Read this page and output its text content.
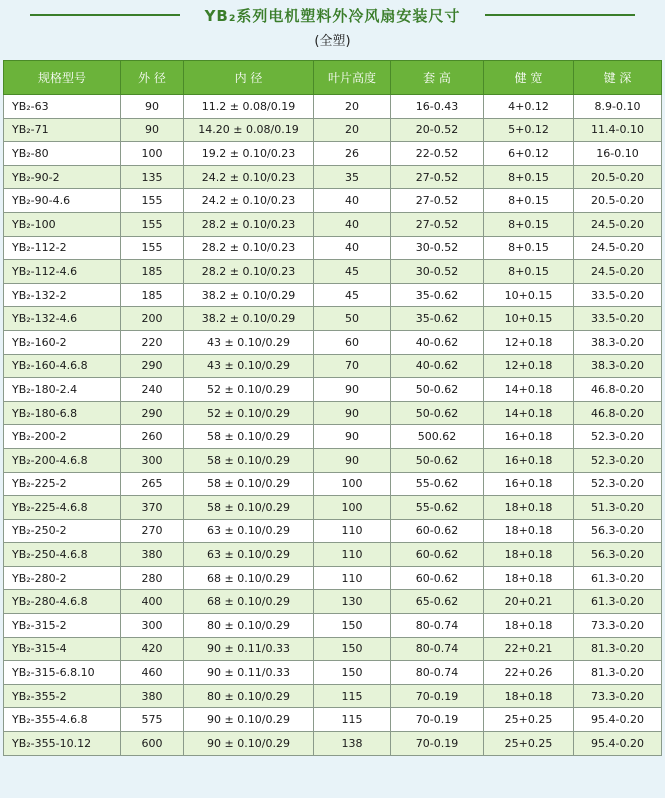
YB₂系列电机塑料外冷风扇安装尺寸
(全塑)
规格型号	外 径	内 径	叶片高度	套 高	健 宽	键 深
YB₂-63	90	11.2 ± 0.08/0.19	20	16-0.43	4+0.12	8.9-0.10
YB₂-71	90	14.20 ± 0.08/0.19	20	20-0.52	5+0.12	11.4-0.10
YB₂-80	100	19.2 ± 0.10/0.23	26	22-0.52	6+0.12	16-0.10
YB₂-90-2	135	24.2 ± 0.10/0.23	35	27-0.52	8+0.15	20.5-0.20
YB₂-90-4.6	155	24.2 ± 0.10/0.23	40	27-0.52	8+0.15	20.5-0.20
YB₂-100	155	28.2 ± 0.10/0.23	40	27-0.52	8+0.15	24.5-0.20
YB₂-112-2	155	28.2 ± 0.10/0.23	40	30-0.52	8+0.15	24.5-0.20
YB₂-112-4.6	185	28.2 ± 0.10/0.23	45	30-0.52	8+0.15	24.5-0.20
YB₂-132-2	185	38.2 ± 0.10/0.29	45	35-0.62	10+0.15	33.5-0.20
YB₂-132-4.6	200	38.2 ± 0.10/0.29	50	35-0.62	10+0.15	33.5-0.20
YB₂-160-2	220	43 ± 0.10/0.29	60	40-0.62	12+0.18	38.3-0.20
YB₂-160-4.6.8	290	43 ± 0.10/0.29	70	40-0.62	12+0.18	38.3-0.20
YB₂-180-2.4	240	52 ± 0.10/0.29	90	50-0.62	14+0.18	46.8-0.20
YB₂-180-6.8	290	52 ± 0.10/0.29	90	50-0.62	14+0.18	46.8-0.20
YB₂-200-2	260	58 ± 0.10/0.29	90	500.62	16+0.18	52.3-0.20
YB₂-200-4.6.8	300	58 ± 0.10/0.29	90	50-0.62	16+0.18	52.3-0.20
YB₂-225-2	265	58 ± 0.10/0.29	100	55-0.62	16+0.18	52.3-0.20
YB₂-225-4.6.8	370	58 ± 0.10/0.29	100	55-0.62	18+0.18	51.3-0.20
YB₂-250-2	270	63 ± 0.10/0.29	110	60-0.62	18+0.18	56.3-0.20
YB₂-250-4.6.8	380	63 ± 0.10/0.29	110	60-0.62	18+0.18	56.3-0.20
YB₂-280-2	280	68 ± 0.10/0.29	110	60-0.62	18+0.18	61.3-0.20
YB₂-280-4.6.8	400	68 ± 0.10/0.29	130	65-0.62	20+0.21	61.3-0.20
YB₂-315-2	300	80 ± 0.10/0.29	150	80-0.74	18+0.18	73.3-0.20
YB₂-315-4	420	90 ± 0.11/0.33	150	80-0.74	22+0.21	81.3-0.20
YB₂-315-6.8.10	460	90 ± 0.11/0.33	150	80-0.74	22+0.26	81.3-0.20
YB₂-355-2	380	80 ± 0.10/0.29	115	70-0.19	18+0.18	73.3-0.20
YB₂-355-4.6.8	575	90 ± 0.10/0.29	115	70-0.19	25+0.25	95.4-0.20
YB₂-355-10.12	600	90 ± 0.10/0.29	138	70-0.19	25+0.25	95.4-0.20
